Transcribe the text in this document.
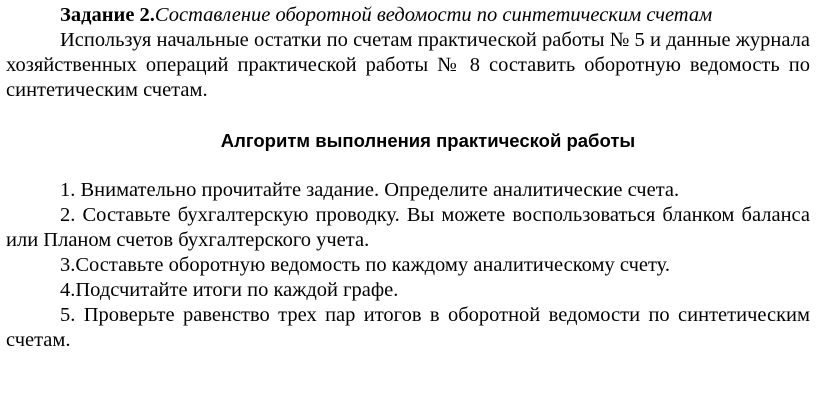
Задание 2.Составление оборотной ведомости по синтетическим счетам

Используя начальные остатки по счетам практической работы № 5 и данные журнала хозяйственных операций практической работы № 8 составить оборотную ведомость по синтетическим счетам.

Алгоритм выполнения практической работы

1. Внимательно прочитайте задание. Определите аналитические счета.
2. Составьте бухгалтерскую проводку. Вы можете воспользоваться бланком баланса или Планом счетов бухгалтерского учета.
3.Составьте оборотную ведомость по каждому аналитическому счету.
4.Подсчитайте итоги по каждой графе.
5. Проверьте равенство трех пар итогов в оборотной ведомости по синтетическим счетам.
